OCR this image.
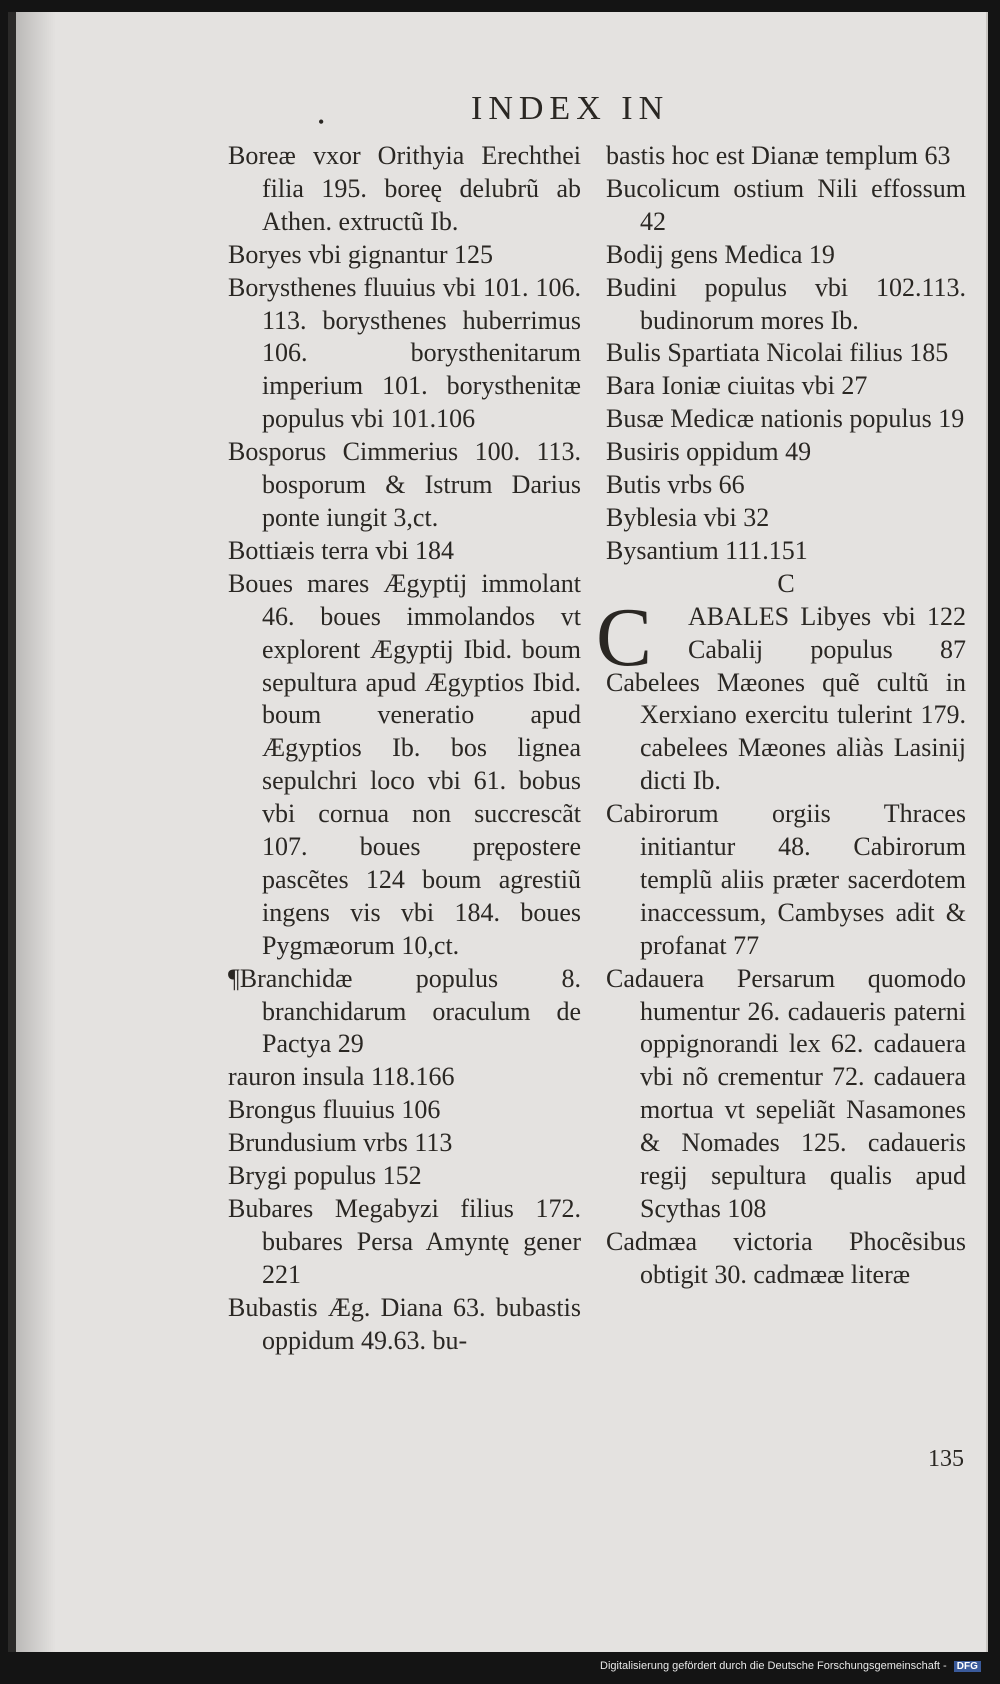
•	INDEX IN
Boreæ vxor Orithyia Erechthei filia 195. boreę delubrũ ab Athen. extructũ Ib.
Boryes vbi gignantur 125
Borysthenes fluuius vbi 101. 106. 113. borysthenes huberrimus 106. borysthenitarum imperium 101. borysthenitæ populus vbi 101.106
Bosporus Cimmerius 100. 113. bosporum & Istrum Darius ponte iungit 3,ct.
Bottiæis terra vbi 184
Boues mares Ægyptij immolant 46. boues immolandos vt explorent Ægyptij Ibid. boum sepultura apud Ægyptios Ibid. boum veneratio apud Ægyptios Ib. bos lignea sepulchri loco vbi 61. bobus vbi cornua non succrescãt 107. boues prępostere pascẽtes 124 boum agrestiũ ingens vis vbi 184. boues Pygmæorum 10,ct.
¶Branchidæ populus 8. branchidarum oraculum de Pactya 29
rauron insula 118.166
Brongus fluuius 106
Brundusium vrbs 113
Brygi populus 152
Bubares Megabyzi filius 172. bubares Persa Amyntę gener 221
Bubastis Æg. Diana 63. bubastis oppidum 49.63. bu-
bastis hoc est Dianæ templum 63
Bucolicum ostium Nili effossum 42
Bodij gens Medica 19
Budini populus vbi 102.113. budinorum mores Ib.
Bulis Spartiata Nicolai filius 185
Bara Ioniæ ciuitas vbi 27
Busæ Medicæ nationis populus 19
Busiris oppidum 49
Butis vrbs 66
Byblesia vbi 32
Bysantium 111.151
C
C	ABALES Libyes vbi 122
Cabalij populus 87
Cabelees Mæones quẽ cultũ in Xerxiano exercitu tulerint 179. cabelees Mæones aliàs Lasinij dicti Ib.
Cabirorum orgiis Thraces initiantur 48. Cabirorum templũ aliis præter sacerdotem inaccessum, Cambyses adit & profanat 77
Cadauera Persarum quomodo humentur 26. cadaueris paterni oppignorandi lex 62. cadauera vbi nõ crementur 72. cadauera mortua vt sepeliãt Nasamones & Nomades 125. cadaueris regij sepultura qualis apud Scythas 108
Cadmæa victoria Phocẽsibus obtigit 30. cadmææ literæ
135
Digitalisierung gefördert durch die Deutsche Forschungsgemeinschaft - DFG
